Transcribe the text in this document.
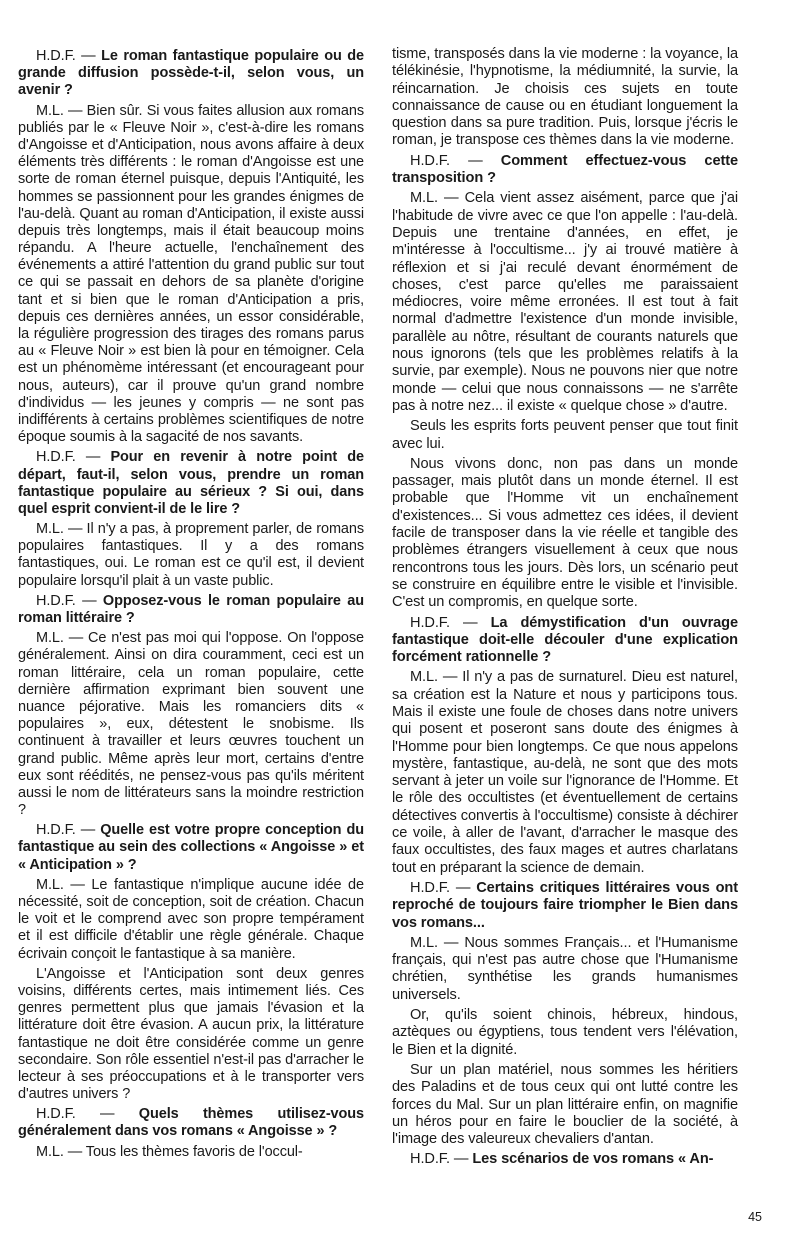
H.D.F. — Le roman fantastique populaire ou de grande diffusion possède-t-il, selon vous, un avenir ?

M.L. — Bien sûr. Si vous faites allusion aux romans publiés par le « Fleuve Noir », c'est-à-dire les romans d'Angoisse et d'Anticipation, nous avons affaire à deux éléments très différents : le roman d'Angoisse est une sorte de roman éternel puisque, depuis l'Antiquité, les hommes se passionnent pour les grandes énigmes de l'au-delà. Quant au roman d'Anticipation, il existe aussi depuis très longtemps, mais il était beaucoup moins répandu. A l'heure actuelle, l'enchaînement des événements a attiré l'attention du grand public sur tout ce qui se passait en dehors de sa planète d'origine tant et si bien que le roman d'Anticipation a pris, depuis ces dernières années, un essor considérable, la régulière progression des tirages des romans parus au « Fleuve Noir » est bien là pour en témoigner. Cela est un phénomème intéressant (et encourageant pour nous, auteurs), car il prouve qu'un grand nombre d'individus — les jeunes y compris — ne sont pas indifférents à certains problèmes scientifiques de notre époque soumis à la sagacité de nos savants.

H.D.F. — Pour en revenir à notre point de départ, faut-il, selon vous, prendre un roman fantastique populaire au sérieux ? Si oui, dans quel esprit convient-il de le lire ?

M.L. — Il n'y a pas, à proprement parler, de romans populaires fantastiques. Il y a des romans fantastiques, oui. Le roman est ce qu'il est, il devient populaire lorsqu'il plait à un vaste public.

H.D.F. — Opposez-vous le roman populaire au roman littéraire ?

M.L. — Ce n'est pas moi qui l'oppose. On l'oppose généralement. Ainsi on dira couramment, ceci est un roman littéraire, cela un roman populaire, cette dernière affirmation exprimant bien souvent une nuance péjorative. Mais les romanciers dits « populaires », eux, détestent le snobisme. Ils continuent à travailler et leurs œuvres touchent un grand public. Même après leur mort, certains d'entre eux sont réédités, ne pensez-vous pas qu'ils méritent aussi le nom de littérateurs sans la moindre restriction ?

H.D.F. — Quelle est votre propre conception du fantastique au sein des collections « Angoisse » et « Anticipation » ?

M.L. — Le fantastique n'implique aucune idée de nécessité, soit de conception, soit de création. Chacun le voit et le comprend avec son propre tempérament et il est difficile d'établir une règle générale. Chaque écrivain conçoit le fantastique à sa manière.

L'Angoisse et l'Anticipation sont deux genres voisins, différents certes, mais intimement liés. Ces genres permettent plus que jamais l'évasion et la littérature doit être évasion. A aucun prix, la littérature fantastique ne doit être considérée comme un genre secondaire. Son rôle essentiel n'est-il pas d'arracher le lecteur à ses préoccupations et à le transporter vers d'autres univers ?

H.D.F. — Quels thèmes utilisez-vous généralement dans vos romans « Angoisse » ?

M.L. — Tous les thèmes favoris de l'occul-

tisme, transposés dans la vie moderne : la voyance, la télékinésie, l'hypnotisme, la médiumnité, la survie, la réincarnation. Je choisis ces sujets en toute connaissance de cause ou en étudiant longuement la question dans sa pure tradition. Puis, lorsque j'écris le roman, je transpose ces thèmes dans la vie moderne.

H.D.F. — Comment effectuez-vous cette transposition ?

M.L. — Cela vient assez aisément, parce que j'ai l'habitude de vivre avec ce que l'on appelle : l'au-delà. Depuis une trentaine d'années, en effet, je m'intéresse à l'occultisme... j'y ai trouvé matière à réflexion et si j'ai reculé devant énormément de choses, c'est parce qu'elles me paraissaient médiocres, voire même erronées. Il est tout à fait normal d'admettre l'existence d'un monde invisible, parallèle au nôtre, résultant de courants naturels que nous ignorons (tels que les problèmes relatifs à la survie, par exemple). Nous ne pouvons nier que notre monde — celui que nous connaissons — ne s'arrête pas à notre nez... il existe « quelque chose » d'autre.

Seuls les esprits forts peuvent penser que tout finit avec lui.

Nous vivons donc, non pas dans un monde passager, mais plutôt dans un monde éternel. Il est probable que l'Homme vit un enchaînement d'existences... Si vous admettez ces idées, il devient facile de transposer dans la vie réelle et tangible des problèmes étrangers visuellement à ceux que nous rencontrons tous les jours. Dès lors, un scénario peut se construire en équilibre entre le visible et l'invisible. C'est un compromis, en quelque sorte.

H.D.F. — La démystification d'un ouvrage fantastique doit-elle découler d'une explication forcément rationnelle ?

M.L. — Il n'y a pas de surnaturel. Dieu est naturel, sa création est la Nature et nous y participons tous. Mais il existe une foule de choses dans notre univers qui posent et poseront sans doute des énigmes à l'Homme pour bien longtemps. Ce que nous appelons mystère, fantastique, au-delà, ne sont que des mots servant à jeter un voile sur l'ignorance de l'Homme. Et le rôle des occultistes (et éventuellement de certains détectives convertis à l'occultisme) consiste à déchirer ce voile, à aller de l'avant, d'arracher le masque des faux occultistes, des faux mages et autres charlatans tout en préparant la science de demain.

H.D.F. — Certains critiques littéraires vous ont reproché de toujours faire triompher le Bien dans vos romans...

M.L. — Nous sommes Français... et l'Humanisme français, qui n'est pas autre chose que l'Humanisme chrétien, synthétise les grands humanismes universels.

Or, qu'ils soient chinois, hébreux, hindous, aztèques ou égyptiens, tous tendent vers l'élévation, le Bien et la dignité.

Sur un plan matériel, nous sommes les héritiers des Paladins et de tous ceux qui ont lutté contre les forces du Mal. Sur un plan littéraire enfin, on magnifie un héros pour en faire le bouclier de la société, à l'image des valeureux chevaliers d'antan.

H.D.F. — Les scénarios de vos romans « An-

45
